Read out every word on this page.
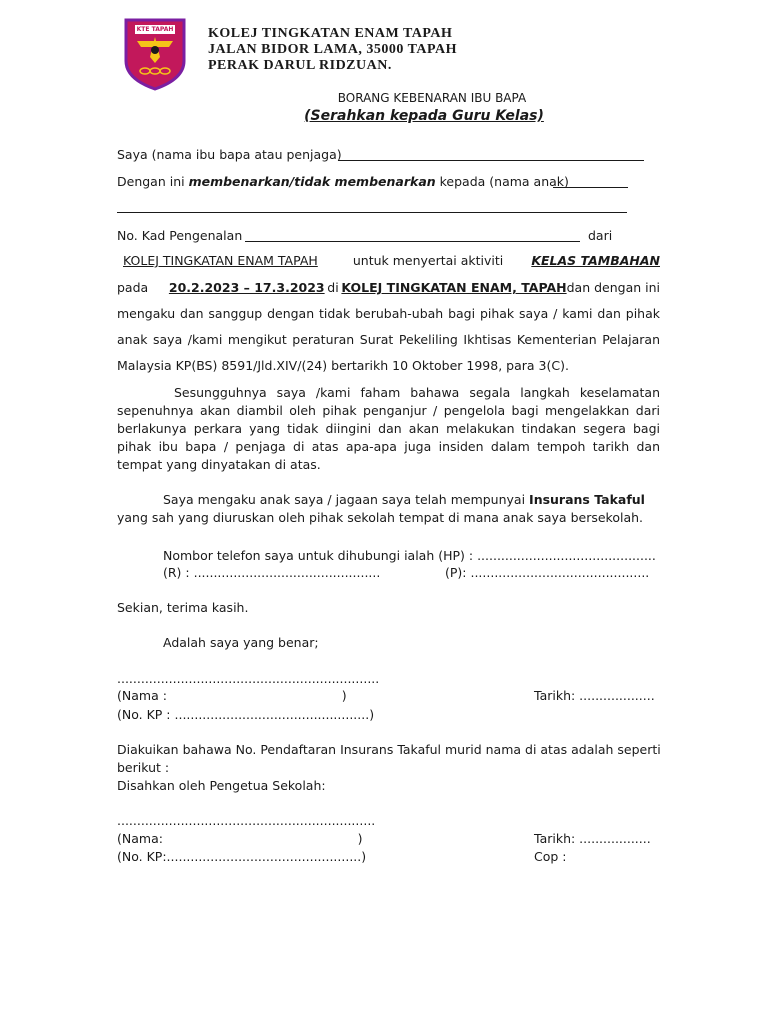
KTE TAPAH KOLEJ TINGKATAN ENAM TAPAH
JALAN BIDOR LAMA, 35000 TAPAH
PERAK DARUL RIDZUAN.
BORANG KEBENARAN IBU BAPA
(Serahkan kepada Guru Kelas)
Saya (nama ibu bapa atau penjaga)
Dengan ini membenarkan/tidak membenarkan kepada (nama anak)
No. Kad Pengenalan	dari
KOLEJ TINGKATAN ENAM TAPAH	untuk menyertai aktiviti	KELAS TAMBAHAN
pada	20.2.2023 – 17.3.2023 di KOLEJ TINGKATAN ENAM, TAPAHdan dengan ini
mengaku dan sanggup dengan tidak berubah-ubah bagi pihak saya / kami dan pihak
anak saya /kami mengikut peraturan Surat Pekeliling Ikhtisas Kementerian Pelajaran
Malaysia KP(BS) 8591/Jld.XIV/(24) bertarikh 10 Oktober 1998, para 3(C).
Sesungguhnya saya /kami faham bahawa segala langkah keselamatan sepenuhnya akan diambil oleh pihak penganjur / pengelola bagi mengelakkan dari berlakunya perkara yang tidak diingini dan akan melakukan tindakan segera bagi pihak ibu bapa / penjaga di atas apa-apa juga insiden dalam tempoh tarikh dan tempat yang dinyatakan di atas.
Saya mengaku anak saya / jagaan saya telah mempunyai Insurans Takaful
yang sah yang diuruskan oleh pihak sekolah tempat di mana anak saya bersekolah.
Nombor telefon saya untuk dihubungi ialah (HP) : .............................................
(R) : ...............................................	(P): .............................................
Sekian, terima kasih.
Adalah saya yang benar;
..................................................................
(Nama :                                            )	Tarikh: ...................
(No. KP : .................................................)
Diakuikan bahawa No. Pendaftaran Insurans Takaful murid nama di atas adalah seperti berikut :
Disahkan oleh Pengetua Sekolah:
.................................................................
(Nama:                                                 )	Tarikh: ..................
(No. KP:.................................................)	Cop :
